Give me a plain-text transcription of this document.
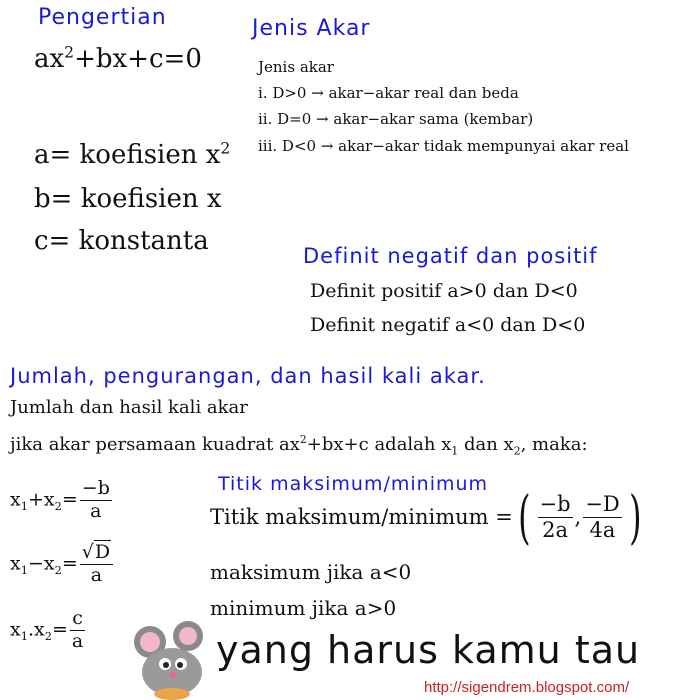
Pengertian
$ax^2+bx+c=0$
a= koefisien $x^2$
b= koefisien x
c= konstanta
Jenis Akar
Jenis akar
i. D>0 → akar−akar real dan beda
ii. D=0 → akar−akar sama (kembar)
iii. D<0 → akar−akar tidak mempunyai akar real
Definit negatif dan positif
Definit positif a>0 dan D<0
Definit negatif a<0 dan D<0
Jumlah, pengurangan, dan hasil kali akar.
Jumlah dan hasil kali akar
jika akar persamaan kuadrat $ax^2+bx+c$ adalah $x_1$ dan $x_2$, maka:
$x_1+x_2= \frac{-b}{a}$
$x_1-x_2= \frac{√D}{a}$
$x_1.x_2= \frac{c}{a}$
Titik maksimum/minimum
Titik maksimum/minimum = ( $\frac{-b}{2a}$ , $\frac{-D}{4a}$ )
maksimum jika a<0
minimum jika a>0
yang harus kamu tau
http://sigendrem.blogspot.com/
